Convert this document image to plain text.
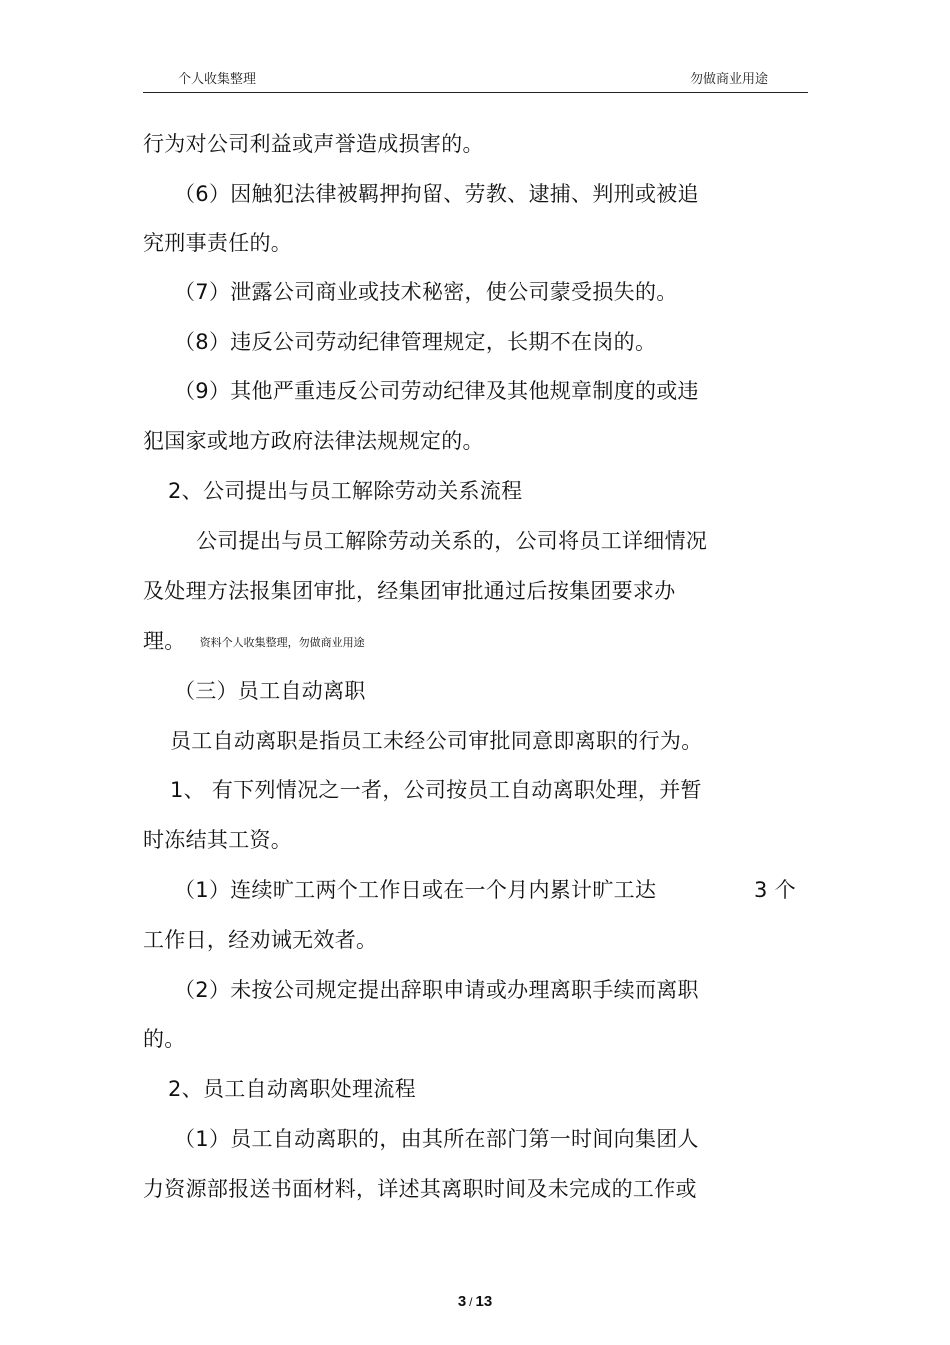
个人收集整理	勿做商业用途
行为对公司利益或声誉造成损害的。
（6）因触犯法律被羁押拘留、劳教、逮捕、判刑或被追
究刑事责任的。
（7）泄露公司商业或技术秘密，使公司蒙受损失的。
（8）违反公司劳动纪律管理规定，长期不在岗的。
（9）其他严重违反公司劳动纪律及其他规章制度的或违
犯国家或地方政府法律法规规定的。
2、公司提出与员工解除劳动关系流程
公司提出与员工解除劳动关系的，公司将员工详细情况
及处理方法报集团审批，经集团审批通过后按集团要求办
理。 资料个人收集整理，勿做商业用途
（三）员工自动离职
员工自动离职是指员工未经公司审批同意即离职的行为。
1、 有下列情况之一者，公司按员工自动离职处理，并暂
时冻结其工资。
（1）连续旷工两个工作日或在一个月内累计旷工达	3 个
工作日，经劝诫无效者。
（2）未按公司规定提出辞职申请或办理离职手续而离职
的。
2、员工自动离职处理流程
（1）员工自动离职的，由其所在部门第一时间向集团人
力资源部报送书面材料，详述其离职时间及未完成的工作或
3 / 13
